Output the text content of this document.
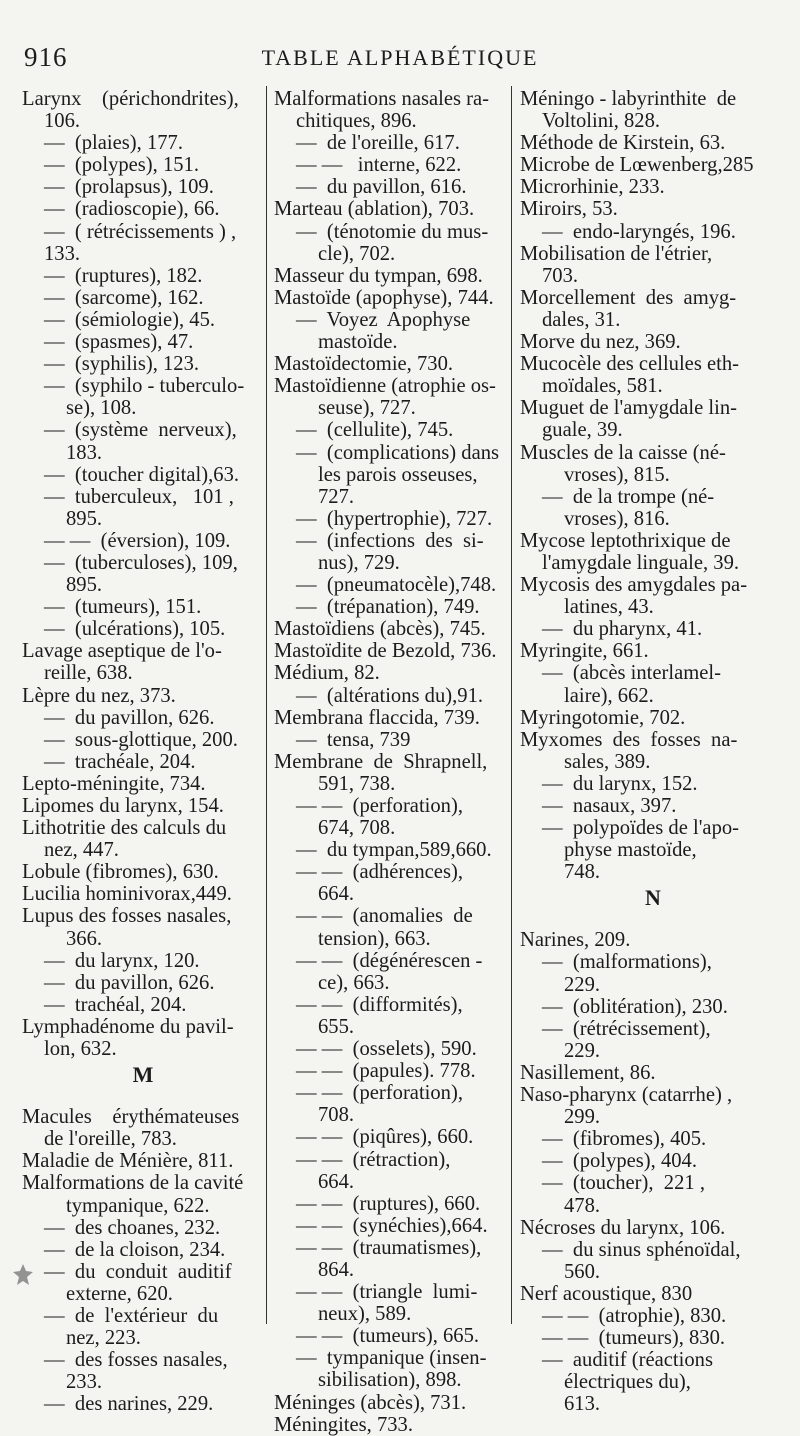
916	TABLE ALPHABÉTIQUE
Larynx    (périchondrites),
106.
—  (plaies), 177.
—  (polypes), 151.
—  (prolapsus), 109.
—  (radioscopie), 66.
—  ( rétrécissements ) ,
133.
—  (ruptures), 182.
—  (sarcome), 162.
—  (sémiologie), 45.
—  (spasmes), 47.
—  (syphilis), 123.
—  (syphilo - tuberculo-
se), 108.
—  (système  nerveux),
183.
—  (toucher digital),63.
—  tuberculeux,   101 ,
895.
— —  (éversion), 109.
—  (tuberculoses), 109,
895.
—  (tumeurs), 151.
—  (ulcérations), 105.
Lavage aseptique de l'o-
reille, 638.
Lèpre du nez, 373.
—  du pavillon, 626.
—  sous-glottique, 200.
—  trachéale, 204.
Lepto-méningite, 734.
Lipomes du larynx, 154.
Lithotritie des calculs du
nez, 447.
Lobule (fibromes), 630.
Lucilia hominivorax,449.
Lupus des fosses nasales,
366.
—  du larynx, 120.
—  du pavillon, 626.
—  trachéal, 204.
Lymphadénome du pavil-
lon, 632.
M
Macules    érythémateuses
de l'oreille, 783.
Maladie de Ménière, 811.
Malformations de la cavité
tympanique, 622.
—  des choanes, 232.
—  de la cloison, 234.
—  du  conduit  auditif
externe, 620.
—  de  l'extérieur  du
nez, 223.
—  des fosses nasales,
233.
—  des narines, 229.
Malformations nasales ra-
chitiques, 896.
—  de l'oreille, 617.
— —   interne, 622.
—  du pavillon, 616.
Marteau (ablation), 703.
—  (ténotomie du mus-
cle), 702.
Masseur du tympan, 698.
Mastoïde (apophyse), 744.
—  Voyez  Apophyse
mastoïde.
Mastoïdectomie, 730.
Mastoïdienne (atrophie os-
seuse), 727.
—  (cellulite), 745.
—  (complications) dans
les parois osseuses,
727.
—  (hypertrophie), 727.
—  (infections  des  si-
nus), 729.
—  (pneumatocèle),748.
—  (trépanation), 749.
Mastoïdiens (abcès), 745.
Mastoïdite de Bezold, 736.
Médium, 82.
—  (altérations du),91.
Membrana flaccida, 739.
—  tensa, 739
Membrane  de  Shrapnell,
591, 738.
— —  (perforation),
674, 708.
—  du tympan,589,660.
— —  (adhérences),
664.
— —  (anomalies  de
tension), 663.
— —  (dégénérescen -
ce), 663.
— —  (difformités),
655.
— —  (osselets), 590.
— —  (papules). 778.
— —  (perforation),
708.
— —  (piqûres), 660.
— —  (rétraction),
664.
— —  (ruptures), 660.
— —  (synéchies),664.
— —  (traumatismes),
864.
— —  (triangle  lumi-
neux), 589.
— —  (tumeurs), 665.
—  tympanique (insen-
sibilisation), 898.
Méninges (abcès), 731.
Méningites, 733.
Méningo - labyrinthite  de
Voltolini, 828.
Méthode de Kirstein, 63.
Microbe de Lœwenberg,285
Microrhinie, 233.
Miroirs, 53.
—  endo-laryngés, 196.
Mobilisation de l'étrier,
703.
Morcellement  des  amyg-
dales, 31.
Morve du nez, 369.
Mucocèle des cellules eth-
moïdales, 581.
Muguet de l'amygdale lin-
guale, 39.
Muscles de la caisse (né-
vroses), 815.
—  de la trompe (né-
vroses), 816.
Mycose leptothrixique de
l'amygdale linguale, 39.
Mycosis des amygdales pa-
latines, 43.
—  du pharynx, 41.
Myringite, 661.
—  (abcès interlamel-
laire), 662.
Myringotomie, 702.
Myxomes  des  fosses  na-
sales, 389.
—  du larynx, 152.
—  nasaux, 397.
—  polypoïdes de l'apo-
physe mastoïde,
748.
N
Narines, 209.
—  (malformations),
229.
—  (oblitération), 230.
—  (rétrécissement),
229.
Nasillement, 86.
Naso-pharynx (catarrhe) ,
299.
—  (fibromes), 405.
—  (polypes), 404.
—  (toucher),  221 ,
478.
Nécroses du larynx, 106.
—  du sinus sphénoïdal,
560.
Nerf acoustique, 830
— —  (atrophie), 830.
— —  (tumeurs), 830.
—  auditif (réactions
électriques du),
613.
